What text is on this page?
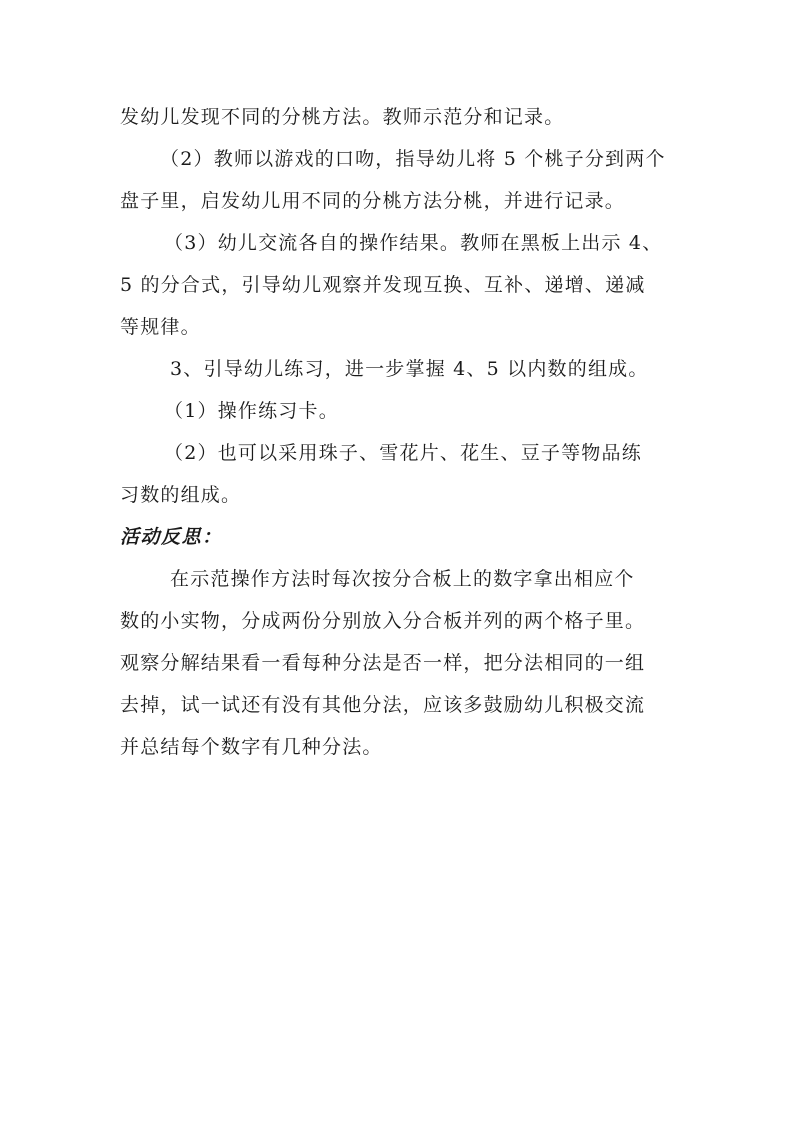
发幼儿发现不同的分桃方法。教师示范分和记录。
（2）教师以游戏的口吻，指导幼儿将 5 个桃子分到两个
盘子里，启发幼儿用不同的分桃方法分桃，并进行记录。
（3）幼儿交流各自的操作结果。教师在黑板上出示 4、
5 的分合式，引导幼儿观察并发现互换、互补、递增、递减
等规律。
3、引导幼儿练习，进一步掌握 4、5 以内数的组成。
（1）操作练习卡。
（2）也可以采用珠子、雪花片、花生、豆子等物品练
习数的组成。
活动反思：
在示范操作方法时每次按分合板上的数字拿出相应个
数的小实物，分成两份分别放入分合板并列的两个格子里。
观察分解结果看一看每种分法是否一样，把分法相同的一组
去掉，试一试还有没有其他分法，应该多鼓励幼儿积极交流
并总结每个数字有几种分法。
